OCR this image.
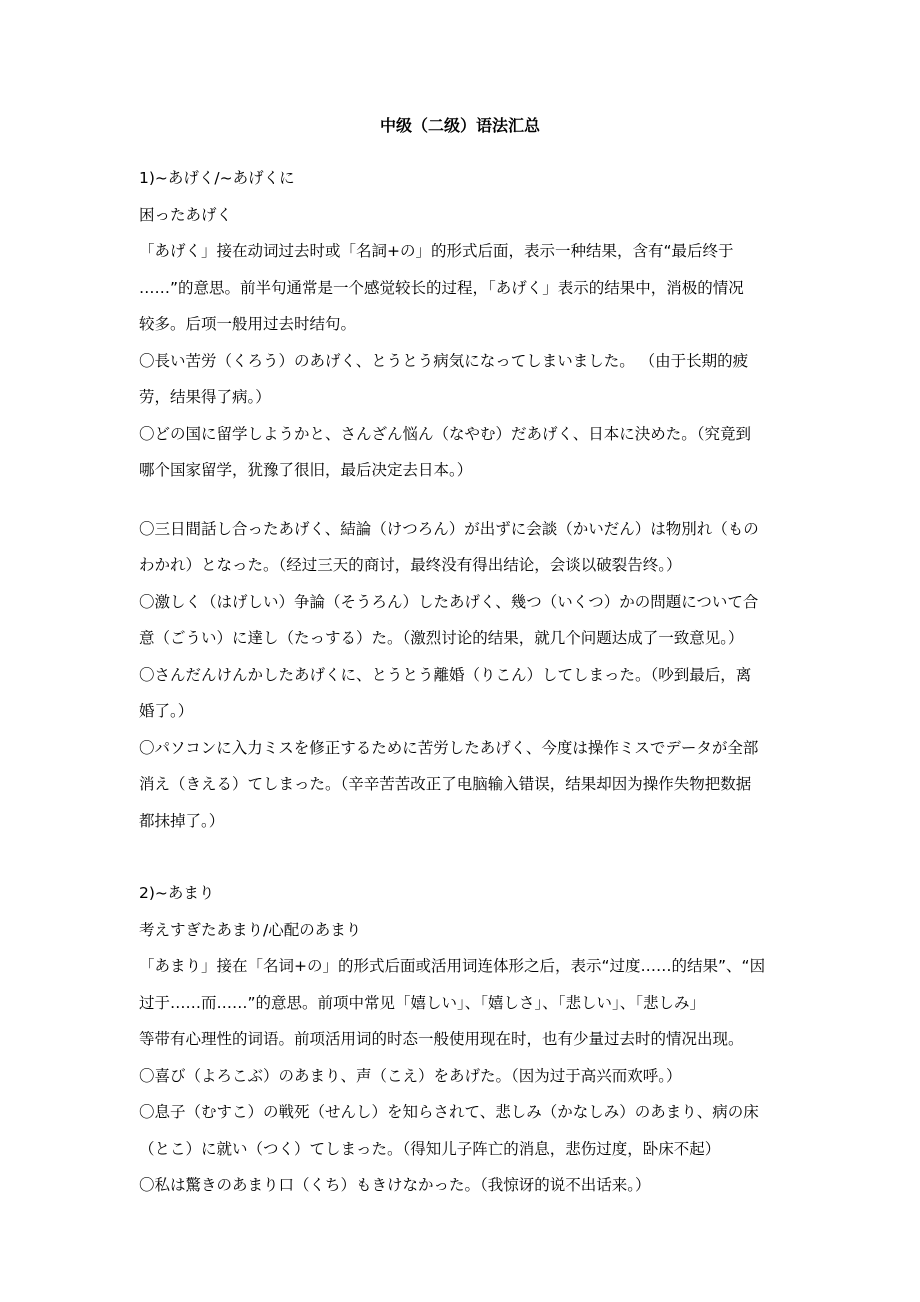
中级（二级）语法汇总
1)~あげく/~あげくに
困ったあげく
「あげく」接在动词过去时或「名詞+の」的形式后面，表示一种结果，含有“最后终于
……”的意思。前半句通常是一个感觉较长的过程，「あげく」表示的结果中，消极的情况
较多。后项一般用过去时结句。
〇長い苦労（くろう）のあげく、とうとう病気になってしまいました。 （由于长期的疲
劳，结果得了病。）
〇どの国に留学しようかと、さんざん悩ん（なやむ）だあげく、日本に決めた。（究竟到
哪个国家留学，犹豫了很旧，最后决定去日本。）
〇三日間話し合ったあげく、結論（けつろん）が出ずに会談（かいだん）は物別れ（もの
わかれ）となった。（经过三天的商讨，最终没有得出结论，会谈以破裂告终。）
〇激しく（はげしい）争論（そうろん）したあげく、幾つ（いくつ）かの問題について合
意（ごうい）に達し（たっする）た。（激烈讨论的结果，就几个问题达成了一致意见。）
〇さんだんけんかしたあげくに、とうとう離婚（りこん）してしまった。（吵到最后，离
婚了。）
〇パソコンに入力ミスを修正するために苦労したあげく、今度は操作ミスでデータが全部
消え（きえる）てしまった。（辛辛苦苦改正了电脑输入错误，结果却因为操作失物把数据
都抹掉了。）
2)~あまり
考えすぎたあまり/心配のあまり
「あまり」接在「名词+の」的形式后面或活用词连体形之后，表示“过度……的结果”、“因
过于……而……”的意思。前项中常见「嬉しい」、「嬉しさ」、「悲しい」、「悲しみ」
等带有心理性的词语。前项活用词的时态一般使用现在时，也有少量过去时的情况出现。
〇喜び（よろこぶ）のあまり、声（こえ）をあげた。（因为过于高兴而欢呼。）
〇息子（むすこ）の戦死（せんし）を知らされて、悲しみ（かなしみ）のあまり、病の床
（とこ）に就い（つく）てしまった。（得知儿子阵亡的消息，悲伤过度，卧床不起）
〇私は驚きのあまり口（くち）もきけなかった。（我惊讶的说不出话来。）
